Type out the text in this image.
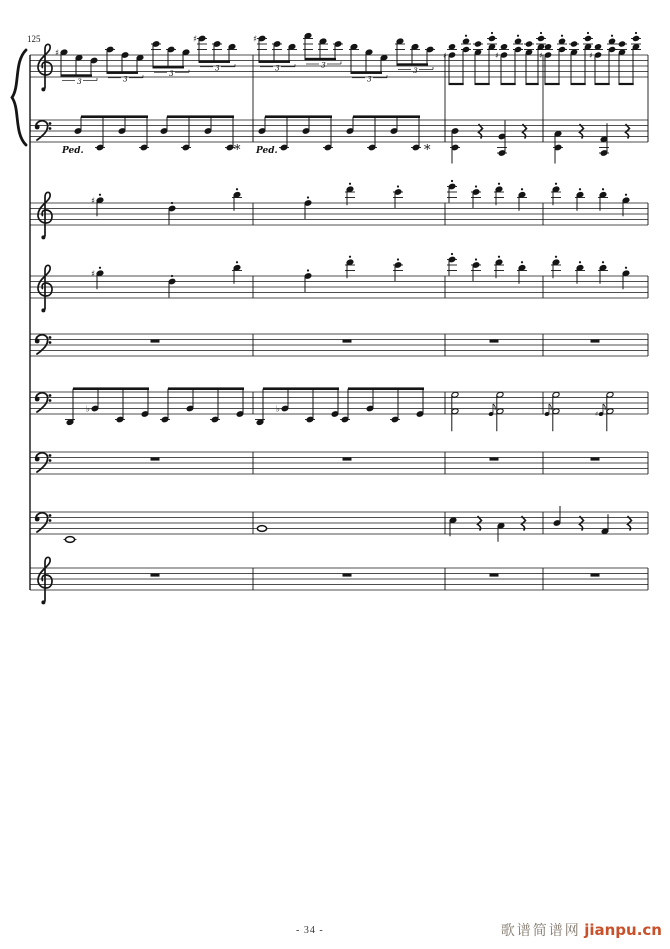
125
♯
3	3
3
♯
3
♯
3	3
3
3
♯	♯	♯	♯
Ped.	* Ped.	*
♯
♯
♭	♭	♯
- 34 -	歌谱简谱网 jianpu.cn
